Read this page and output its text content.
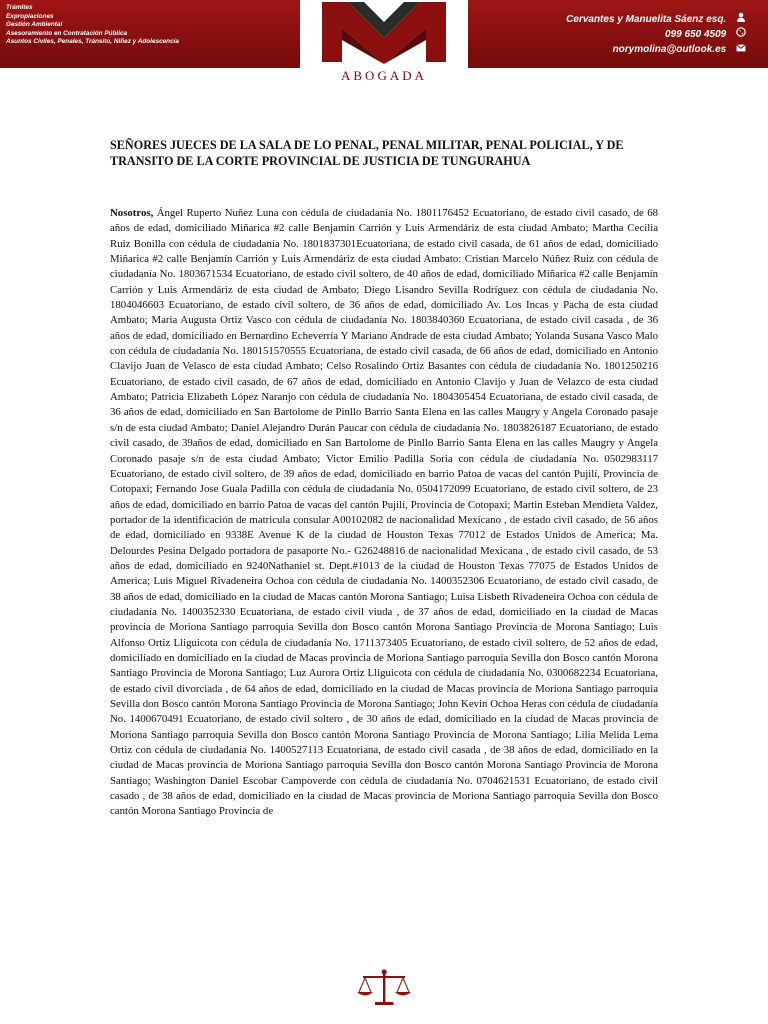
Trámites
Expropiaciones
Gestión Ambiental
Asesoramiento en Contratación Pública
Asuntos Civiles, Penales, Tránsito, Niñez y Adolescencia
ABOGADA
Cervantes y Manuelita Sáenz esq.
099 650 4509
norymolina@outlook.es
SEÑORES JUECES DE LA SALA DE LO PENAL, PENAL MILITAR, PENAL POLICIAL, Y DE TRANSITO DE LA CORTE PROVINCIAL DE JUSTICIA DE TUNGURAHUA
Nosotros, Ángel Ruperto Nuñez Luna con cédula de ciudadanía No. 1801176452 Ecuatoriano, de estado civil casado, de 68 años de edad, domiciliado Miñarica #2 calle Benjamín Carrión y Luis Armendáriz de esta ciudad Ambato; Martha Cecilia Ruiz Bonilla con cédula de ciudadanía No. 1801837301Ecuatoriana, de estado civil casada, de 61 años de edad, domiciliado Miñarica #2 calle Benjamín Carrión y Luis Armendáriz de esta ciudad Ambato: Cristian Marcelo Núñez Ruiz con cédula de ciudadanía No. 1803671534 Ecuatoriano, de estado civil soltero, de 40 años de edad, domiciliado Miñarica #2 calle Benjamín Carrión y Luis Armendáriz de esta ciudad de Ambato; Diego Lisandro Sevilla Rodríguez con cédula de ciudadanía No. 1804046603 Ecuatoriano, de estado civil soltero, de 36 años de edad, domiciliado Av. Los Incas y Pacha de esta ciudad Ambato; Maria Augusta Ortiz Vasco con cédula de ciudadanía No. 1803840360 Ecuatoriana, de estado civil casada , de 36 años de edad, domiciliado en Bernardino Echeverría Y Mariano Andrade de esta ciudad Ambato; Yolanda Susana Vasco Malo con cédula de ciudadanía No. 180151570555 Ecuatoriana, de estado civil casada, de 66 años de edad, domiciliado en Antonio Clavijo Juan de Velasco de esta ciudad Ambato; Celso Rosalindo Ortiz Basantes con cédula de ciudadanía No. 1801250216 Ecuatoriano, de estado civil casado, de 67 años de edad, domiciliado en Antonio Clavijo y Juan de Velazco de esta ciudad Ambato; Patricia Elizabeth López Naranjo con cédula de ciudadanía No. 1804305454 Ecuatoriana, de estado civil casada, de 36 años de edad, domiciliado en San Bartolome de Pinllo Barrio Santa Elena en las calles Maugry y Angela Coronado pasaje s/n de esta ciudad Ambato; Daniel Alejandro Durán Paucar con cédula de ciudadanía No. 1803826187 Ecuatoriano, de estado civil casado, de 39años de edad, domiciliado en San Bartolome de Pinllo Barrio Santa Elena en las calles Maugry y Angela Coronado pasaje s/n de esta ciudad Ambato; Victor Emilio Padilla Soria con cédula de ciudadanía No. 0502983117 Ecuatoriano, de estado civil soltero, de 39 años de edad, domiciliado en barrio Patoa de vacas del cantón Pujilí, Provincia de Cotopaxi; Fernando Jose Guala Padilla con cédula de ciudadanía No. 0504172099 Ecuatoriano, de estado civil soltero, de 23 años de edad, domiciliado en barrio Patoa de vacas del cantón Pujilí, Provincia de Cotopaxi; Martin Esteban Mendieta Valdez, portador de la identificación de matricula consular A00102082 de nacionalidad Mexicano , de estado civil casado, de 56 años de edad, domiciliado en 9338E Avenue K de la ciudad de Houston Texas 77012 de Estados Unidos de America; Ma. Delourdes Pesina Delgado portadora de pasaporte No.- G26248816 de nacionalidad Mexicana , de estado civil casado, de 53 años de edad, domiciliado en 9240Nathaniel st. Dept.#1013 de la ciudad de Houston Texas 77075 de Estados Unidos de America; Luis Miguel Rivadeneira Ochoa con cédula de ciudadanía No. 1400352306 Ecuatoriano, de estado civil casado, de 38 años de edad, domiciliado en la ciudad de Macas cantón Morona Santiago; Luisa Lisbeth Rivadeneira Ochoa con cédula de ciudadanía No. 1400352330 Ecuatoriana, de estado civil viuda , de 37 años de edad, domiciliado en la ciudad de Macas provincia de Moriona Santiago parroquia Sevilla don Bosco cantón Morona Santiago Provincia de Morona Santiago; Luis Alfonso Ortiz Lliguicota con cédula de ciudadanía No. 1711373405 Ecuatoriano, de estado civil soltero, de 52 años de edad, domiciliado en domiciliado en la ciudad de Macas provincia de Moriona Santiago parroquia Sevilla don Bosco cantón Morona Santiago Provincia de Morona Santiago; Luz Aurora Ortiz Lliguicota con cédula de ciudadanía No. 0300682234 Ecuatoriana, de estado civil divorciada , de 64 años de edad, domiciliado en la ciudad de Macas provincia de Moriona Santiago parroquia Sevilla don Bosco cantón Morona Santiago Provincia de Morona Santiago; John Kevin Ochoa Heras con cédula de ciudadanía No. 1400670491 Ecuatoriano, de estado civil soltero , de 30 años de edad, domiciliado en la ciudad de Macas provincia de Moriona Santiago parroquia Sevilla don Bosco cantón Morona Santiago Provincia de Morona Santiago; Lilia Melida Lema Ortiz con cédula de ciudadanía No. 1400527113 Ecuatoriana, de estado civil casada , de 38 años de edad, domiciliado en la ciudad de Macas provincia de Moriona Santiago parroquia Sevilla don Bosco cantón Morona Santiago Provincia de Morona Santiago; Washington Daniel Escobar Campoverde con cédula de ciudadanía No. 0704621531 Ecuatoriano, de estado civil casado , de 38 años de edad, domiciliado en la ciudad de Macas provincia de Moriona Santiago parroquia Sevilla don Bosco cantón Morona Santiago Provincia de
